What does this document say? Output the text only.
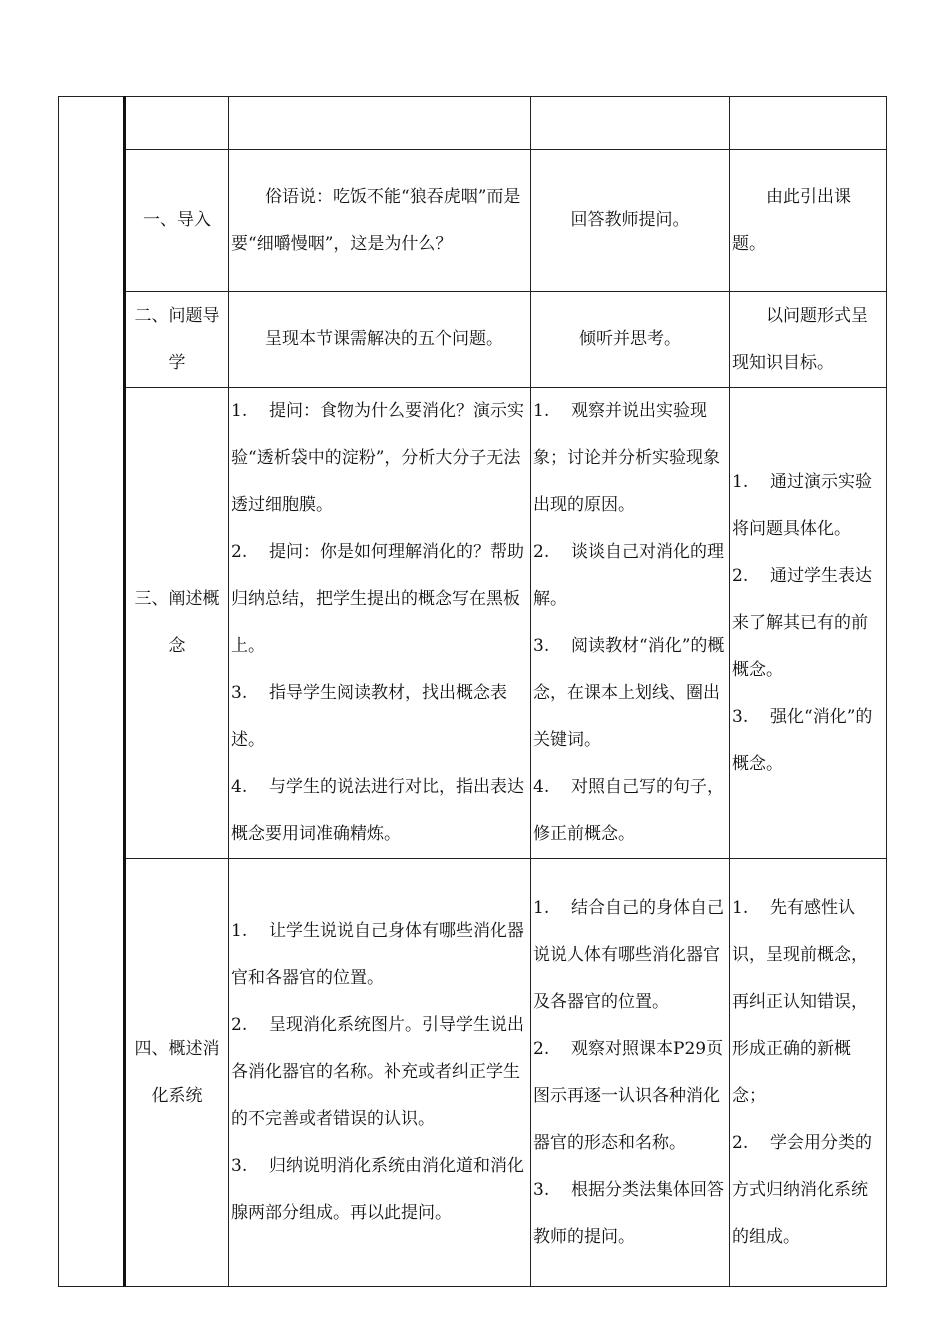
	一、导入	俗语说：吃饭不能“狼吞虎咽”而是要“细嚼慢咽”，这是为什么？	回答教师提问。	由此引出课题。
	二、问题导学	呈现本节课需解决的五个问题。	倾听并思考。	以问题形式呈现知识目标。
	三、阐述概念	1. 提问：食物为什么要消化？演示实验“透析袋中的淀粉”，分析大分子无法透过细胞膜。
2. 提问：你是如何理解消化的？帮助归纳总结，把学生提出的概念写在黑板上。
3. 指导学生阅读教材，找出概念表述。
4. 与学生的说法进行对比，指出表达概念要用词准确精炼。	1. 观察并说出实验现象；讨论并分析实验现象出现的原因。
2. 谈谈自己对消化的理解。
3. 阅读教材“消化”的概念，在课本上划线、圈出关键词。
4. 对照自己写的句子，修正前概念。	1. 通过演示实验将问题具体化。
2. 通过学生表达来了解其已有的前概念。
3. 强化“消化”的概念。

	四、概述消化系统	1. 让学生说说自己身体有哪些消化器官和各器官的位置。
2. 呈现消化系统图片。引导学生说出各消化器官的名称。补充或者纠正学生的不完善或者错误的认识。
3. 归纳说明消化系统由消化道和消化腺两部分组成。再以此提问。	1. 结合自己的身体自己说说人体有哪些消化器官及各器官的位置。
2. 观察对照课本P29页图示再逐一认识各种消化器官的形态和名称。
3. 根据分类法集体回答教师的提问。	1. 先有感性认识，呈现前概念，再纠正认知错误，形成正确的新概念；
2. 学会用分类的方式归纳消化系统的组成。
